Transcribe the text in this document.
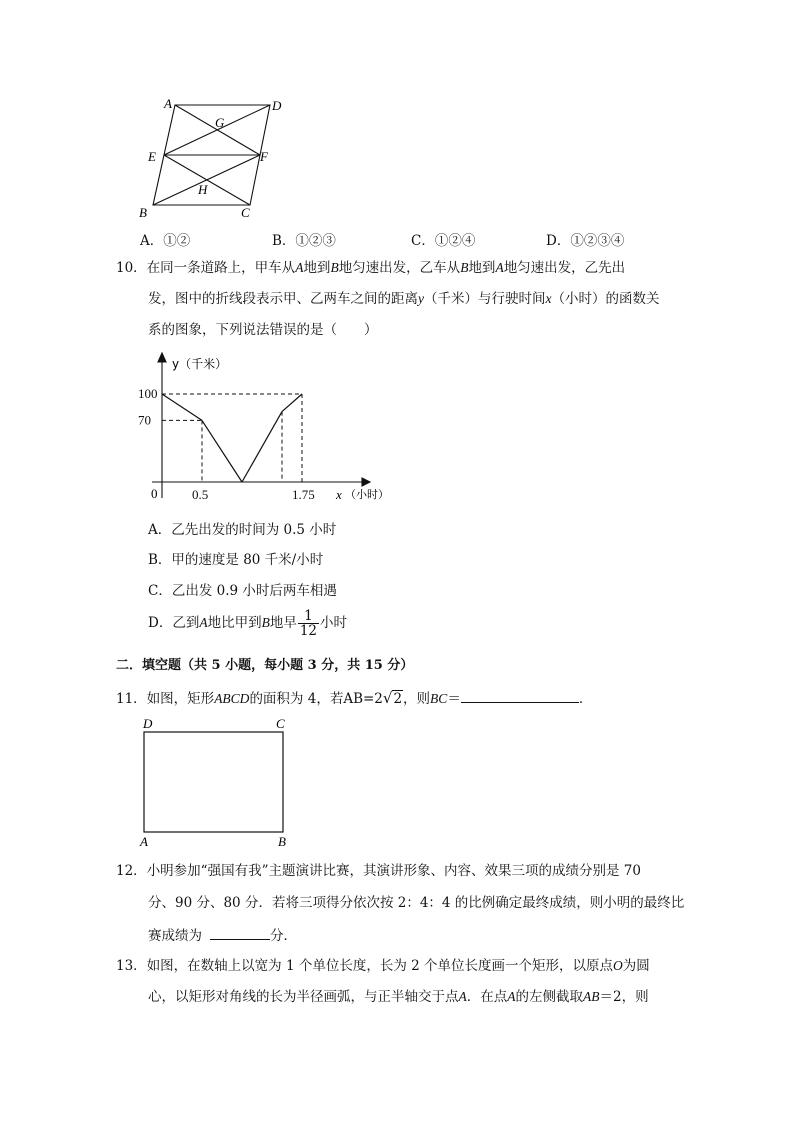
A	D
G
E	F
H
B	C
A．①②	B．①②③	C．①②④	D．①②③④
10．在同一条道路上，甲车从A地到B地匀速出发，乙车从B地到A地匀速出发，乙先出
发，图中的折线段表示甲、乙两车之间的距离y（千米）与行驶时间x（小时）的函数关
系的图象，下列说法错误的是（　　）
0.5	1.75
70
100
y（千米）
0	x （小时）
A．乙先出发的时间为 0.5 小时
B．甲的速度是 80 千米/小时
C．乙出发 0.9 小时后两车相遇
D．乙到A地比甲到B地早 $\frac{1}{12}$ 小时
二．填空题（共 5 小题，每小题 3 分，共 15 分）
11．如图，矩形ABCD的面积为 4，若AB=2√2，则BC＝	．
D	C
A	B
12．小明参加“强国有我”主题演讲比赛，其演讲形象、内容、效果三项的成绩分别是 70
分、90 分、80 分．若将三项得分依次按 2：4：4 的比例确定最终成绩，则小明的最终比
赛成绩为	分．
13．如图，在数轴上以宽为 1 个单位长度，长为 2 个单位长度画一个矩形，以原点O为圆
心，以矩形对角线的长为半径画弧，与正半轴交于点A．在点A的左侧截取AB＝2，则
